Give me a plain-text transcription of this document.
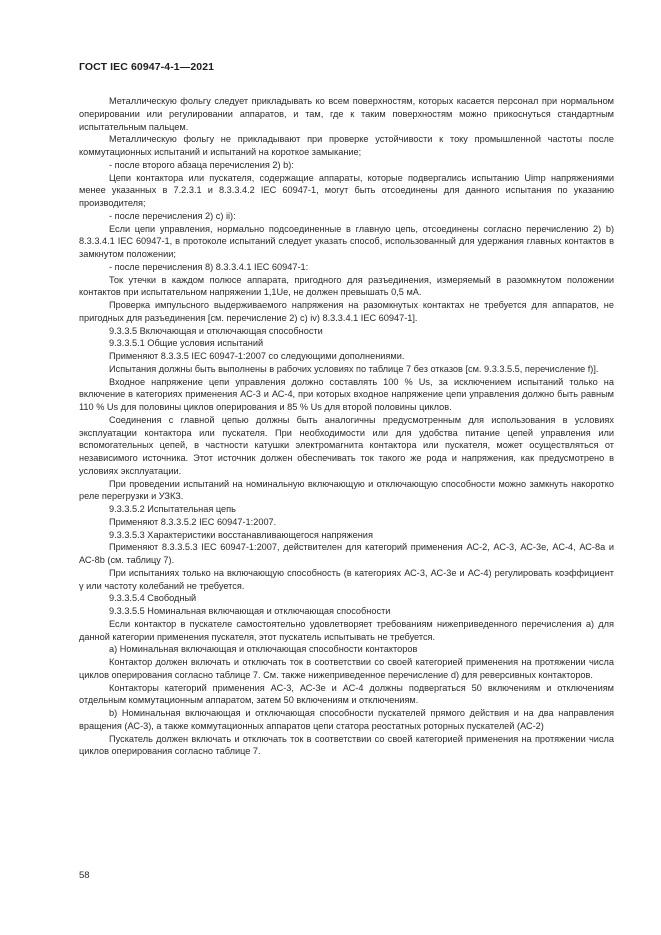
ГОСТ IEC 60947-4-1—2021

Металлическую фольгу следует прикладывать ко всем поверхностям, которых касается персонал при нормальном оперировании или регулировании аппаратов, и там, где к таким поверхностям можно прикоснуться стандартным испытательным пальцем.

Металлическую фольгу не прикладывают при проверке устойчивости к току промышленной частоты после коммутационных испытаний и испытаний на короткое замыкание;

- после второго абзаца перечисления 2) b):

Цепи контактора или пускателя, содержащие аппараты, которые подвергались испытанию Uimp напряжениями менее указанных в 7.2.3.1 и 8.3.3.4.2 IEC 60947-1, могут быть отсоединены для данного испытания по указанию производителя;

- после перечисления 2) c) ii):

Если цепи управления, нормально подсоединенные в главную цепь, отсоединены согласно перечислению 2) b) 8.3.3.4.1 IEC 60947-1, в протоколе испытаний следует указать способ, использованный для удержания главных контактов в замкнутом положении;

- после перечисления 8) 8.3.3.4.1 IEC 60947-1:

Ток утечки в каждом полюсе аппарата, пригодного для разъединения, измеряемый в разомкнутом положении контактов при испытательном напряжении 1,1Ue, не должен превышать 0,5 мА.

Проверка импульсного выдерживаемого напряжения на разомкнутых контактах не требуется для аппаратов, не пригодных для разъединения [см. перечисление 2) c) iv) 8.3.3.4.1 IEC 60947-1].

9.3.3.5 Включающая и отключающая способности

9.3.3.5.1 Общие условия испытаний

Применяют 8.3.3.5 IEC 60947-1:2007 со следующими дополнениями.

Испытания должны быть выполнены в рабочих условиях по таблице 7 без отказов [см. 9.3.3.5.5, перечисление f)].

Входное напряжение цепи управления должно составлять 100 % Us, за исключением испытаний только на включение в категориях применения АС-3 и АС-4, при которых входное напряжение цепи управления должно быть равным 110 % Us для половины циклов оперирования и 85 % Us для второй половины циклов.

Соединения с главной цепью должны быть аналогичны предусмотренным для использования в условиях эксплуатации контактора или пускателя. При необходимости или для удобства питание цепей управления или вспомогательных цепей, в частности катушки электромагнита контактора или пускателя, может осуществляться от независимого источника. Этот источник должен обеспечивать ток такого же рода и напряжения, как предусмотрено в условиях эксплуатации.

При проведении испытаний на номинальную включающую и отключающую способности можно замкнуть накоротко реле перегрузки и УЗКЗ.

9.3.3.5.2 Испытательная цепь

Применяют 8.3.3.5.2 IEC 60947-1:2007.

9.3.3.5.3 Характеристики восстанавливающегося напряжения

Применяют 8.3.3.5.3 IEC 60947-1:2007, действителен для категорий применения АС-2, АС-3, АС-3е, АС-4, АС-8а и АС-8b (см. таблицу 7).

При испытаниях только на включающую способность (в категориях АС-3, АС-3е и АС-4) регулировать коэффициент γ или частоту колебаний не требуется.

9.3.3.5.4 Свободный

9.3.3.5.5 Номинальная включающая и отключающая способности

Если контактор в пускателе самостоятельно удовлетворяет требованиям нижеприведенного перечисления а) для данной категории применения пускателя, этот пускатель испытывать не требуется.

а) Номинальная включающая и отключающая способности контакторов

Контактор должен включать и отключать ток в соответствии со своей категорией применения на протяжении числа циклов оперирования согласно таблице 7. См. также нижеприведенное перечисление d) для реверсивных контакторов.

Контакторы категорий применения АС-3, АС-3е и АС-4 должны подвергаться 50 включениям и отключениям отдельным коммутационным аппаратом, затем 50 включениям и отключениям.

b) Номинальная включающая и отключающая способности пускателей прямого действия и на два направления вращения (АС-3), а также коммутационных аппаратов цепи статора реостатных роторных пускателей (АС-2)

Пускатель должен включать и отключать ток в соответствии со своей категорией применения на протяжении числа циклов оперирования согласно таблице 7.

58
